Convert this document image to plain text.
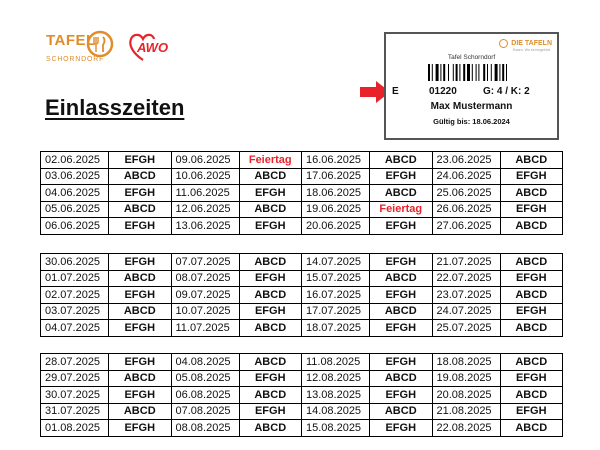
TAFEL
SCHORNDORF
AWO
Einlasszeiten
DIE TAFELN
Essen. Wo es hingehört.
Tafel Schorndorf
E	01220	G: 4 / K: 2
Max Mustermann
Gültig bis: 18.06.2024
02.06.2025	EFGH	09.06.2025	Feiertag	16.06.2025	ABCD	23.06.2025	ABCD
03.06.2025	ABCD	10.06.2025	ABCD	17.06.2025	EFGH	24.06.2025	EFGH
04.06.2025	EFGH	11.06.2025	EFGH	18.06.2025	ABCD	25.06.2025	ABCD
05.06.2025	ABCD	12.06.2025	ABCD	19.06.2025	Feiertag	26.06.2025	EFGH
06.06.2025	EFGH	13.06.2025	EFGH	20.06.2025	EFGH	27.06.2025	ABCD
30.06.2025	EFGH	07.07.2025	ABCD	14.07.2025	EFGH	21.07.2025	ABCD
01.07.2025	ABCD	08.07.2025	EFGH	15.07.2025	ABCD	22.07.2025	EFGH
02.07.2025	EFGH	09.07.2025	ABCD	16.07.2025	EFGH	23.07.2025	ABCD
03.07.2025	ABCD	10.07.2025	EFGH	17.07.2025	ABCD	24.07.2025	EFGH
04.07.2025	EFGH	11.07.2025	ABCD	18.07.2025	EFGH	25.07.2025	ABCD
28.07.2025	EFGH	04.08.2025	ABCD	11.08.2025	EFGH	18.08.2025	ABCD
29.07.2025	ABCD	05.08.2025	EFGH	12.08.2025	ABCD	19.08.2025	EFGH
30.07.2025	EFGH	06.08.2025	ABCD	13.08.2025	EFGH	20.08.2025	ABCD
31.07.2025	ABCD	07.08.2025	EFGH	14.08.2025	ABCD	21.08.2025	EFGH
01.08.2025	EFGH	08.08.2025	ABCD	15.08.2025	EFGH	22.08.2025	ABCD
